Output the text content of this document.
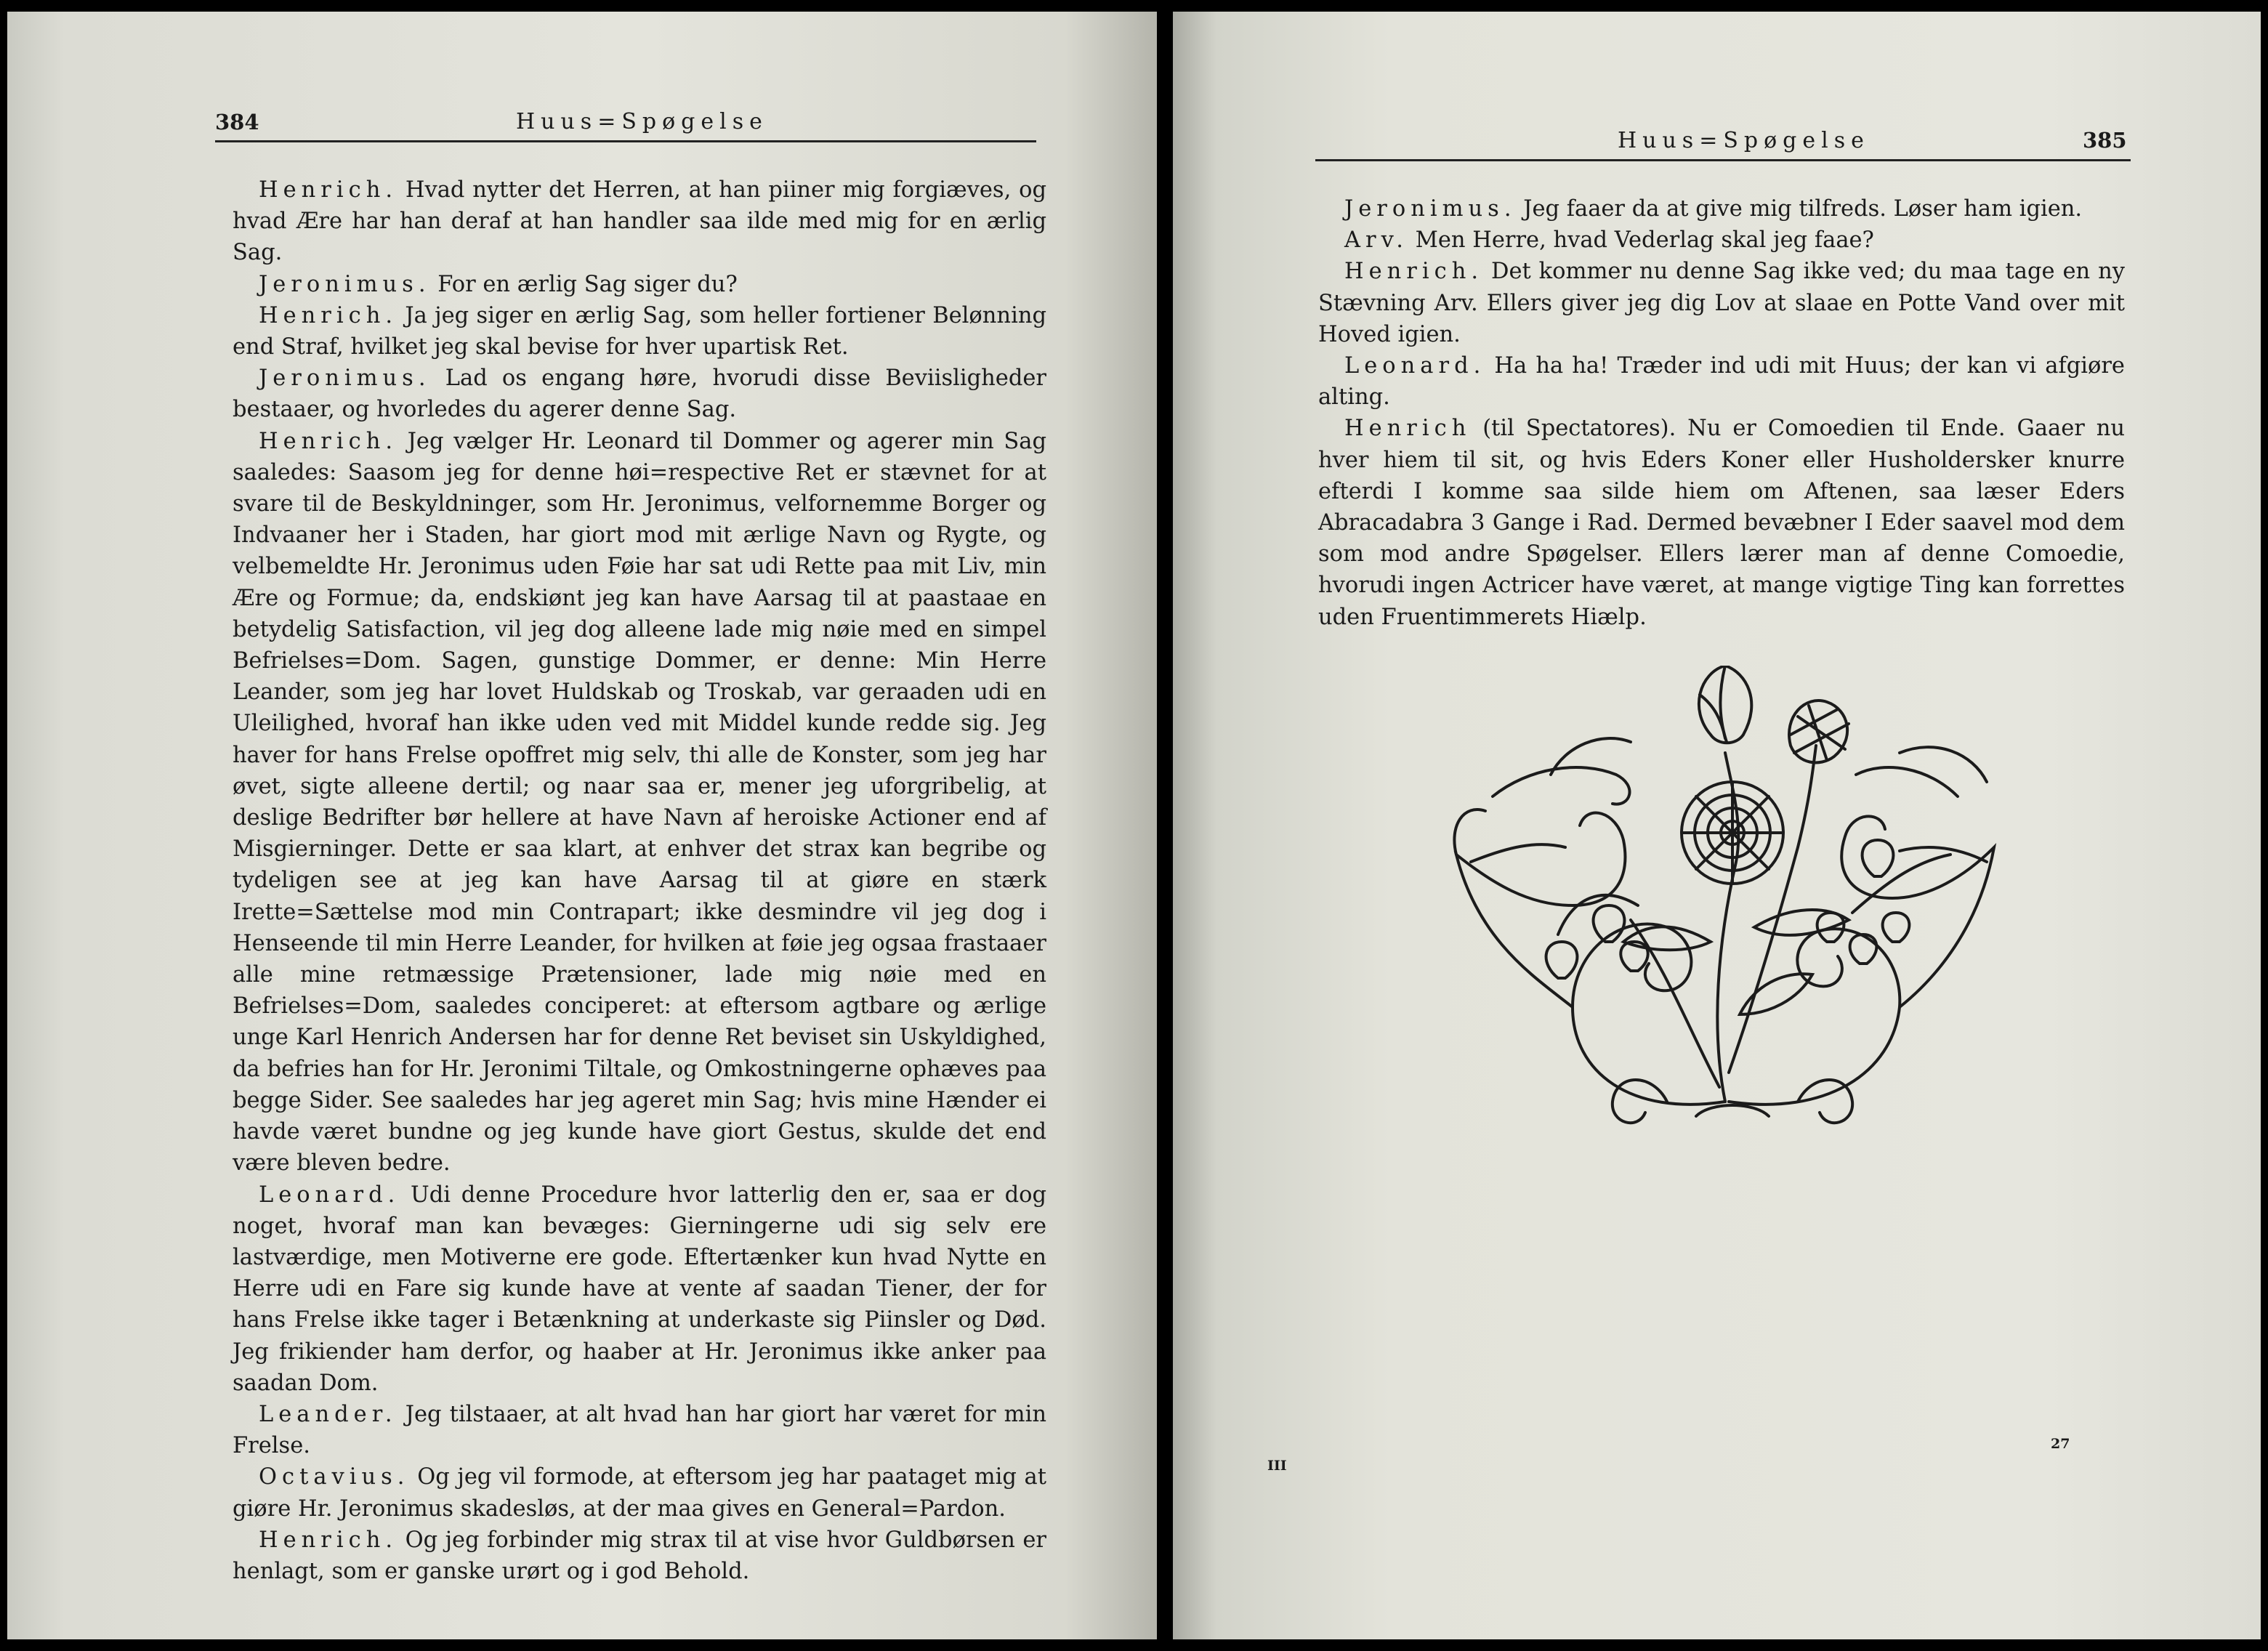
384	Huus=Spøgelse

Henrich. Hvad nytter det Herren, at han piiner mig forgiæves, og hvad Ære har han deraf at han handler saa ilde med mig for en ærlig Sag.

Jeronimus. For en ærlig Sag siger du?

Henrich. Ja jeg siger en ærlig Sag, som heller fortiener Belønning end Straf, hvilket jeg skal bevise for hver upartisk Ret.

Jeronimus. Lad os engang høre, hvorudi disse Beviisligheder bestaaer, og hvorledes du agerer denne Sag.

Henrich. Jeg vælger Hr. Leonard til Dommer og agerer min Sag saaledes: Saasom jeg for denne høi=respective Ret er stævnet for at svare til de Beskyldninger, som Hr. Jeronimus, velfornemme Borger og Indvaaner her i Staden, har giort mod mit ærlige Navn og Rygte, og velbemeldte Hr. Jeronimus uden Føie har sat udi Rette paa mit Liv, min Ære og Formue; da, endskiønt jeg kan have Aarsag til at paastaae en betydelig Satisfaction, vil jeg dog alleene lade mig nøie med en simpel Befrielses=Dom. Sagen, gunstige Dommer, er denne: Min Herre Leander, som jeg har lovet Huldskab og Troskab, var geraaden udi en Uleilighed, hvoraf han ikke uden ved mit Middel kunde redde sig. Jeg haver for hans Frelse opoffret mig selv, thi alle de Konster, som jeg har øvet, sigte alleene dertil; og naar saa er, mener jeg uforgribelig, at deslige Bedrifter bør hellere at have Navn af heroiske Actioner end af Misgierninger. Dette er saa klart, at enhver det strax kan begribe og tydeligen see at jeg kan have Aarsag til at giøre en stærk Irette=Sættelse mod min Contrapart; ikke desmindre vil jeg dog i Henseende til min Herre Leander, for hvilken at føie jeg ogsaa frastaaer alle mine retmæssige Prætensioner, lade mig nøie med en Befrielses=Dom, saaledes conciperet: at eftersom agtbare og ærlige unge Karl Henrich Andersen har for denne Ret beviset sin Uskyldighed, da befries han for Hr. Jeronimi Tiltale, og Omkostningerne ophæves paa begge Sider. See saaledes har jeg ageret min Sag; hvis mine Hænder ei havde været bundne og jeg kunde have giort Gestus, skulde det end være bleven bedre.

Leonard. Udi denne Procedure hvor latterlig den er, saa er dog noget, hvoraf man kan bevæges: Gierningerne udi sig selv ere lastværdige, men Motiverne ere gode. Eftertænker kun hvad Nytte en Herre udi en Fare sig kunde have at vente af saadan Tiener, der for hans Frelse ikke tager i Betænkning at underkaste sig Piinsler og Død. Jeg frikiender ham derfor, og haaber at Hr. Jeronimus ikke anker paa saadan Dom.

Leander. Jeg tilstaaer, at alt hvad han har giort har været for min Frelse.

Octavius. Og jeg vil formode, at eftersom jeg har paataget mig at giøre Hr. Jeronimus skadesløs, at der maa gives en General=Pardon.

Henrich. Og jeg forbinder mig strax til at vise hvor Guldbørsen er henlagt, som er ganske urørt og i god Behold.

Huus=Spøgelse	385

Jeronimus. Jeg faaer da at give mig tilfreds. Løser ham igien.

Arv. Men Herre, hvad Vederlag skal jeg faae?

Henrich. Det kommer nu denne Sag ikke ved; du maa tage en ny Stævning Arv. Ellers giver jeg dig Lov at slaae en Potte Vand over mit Hoved igien.

Leonard. Ha ha ha! Træder ind udi mit Huus; der kan vi afgiøre alting.

Henrich (til Spectatores). Nu er Comoedien til Ende. Gaaer nu hver hiem til sit, og hvis Eders Koner eller Husholdersker knurre efterdi I komme saa silde hiem om Aftenen, saa læser Eders Abracadabra 3 Gange i Rad. Dermed bevæbner I Eder saavel mod dem som mod andre Spøgelser. Ellers lærer man af denne Comoedie, hvorudi ingen Actricer have været, at mange vigtige Ting kan forrettes uden Fruentimmerets Hiælp.

III
27
